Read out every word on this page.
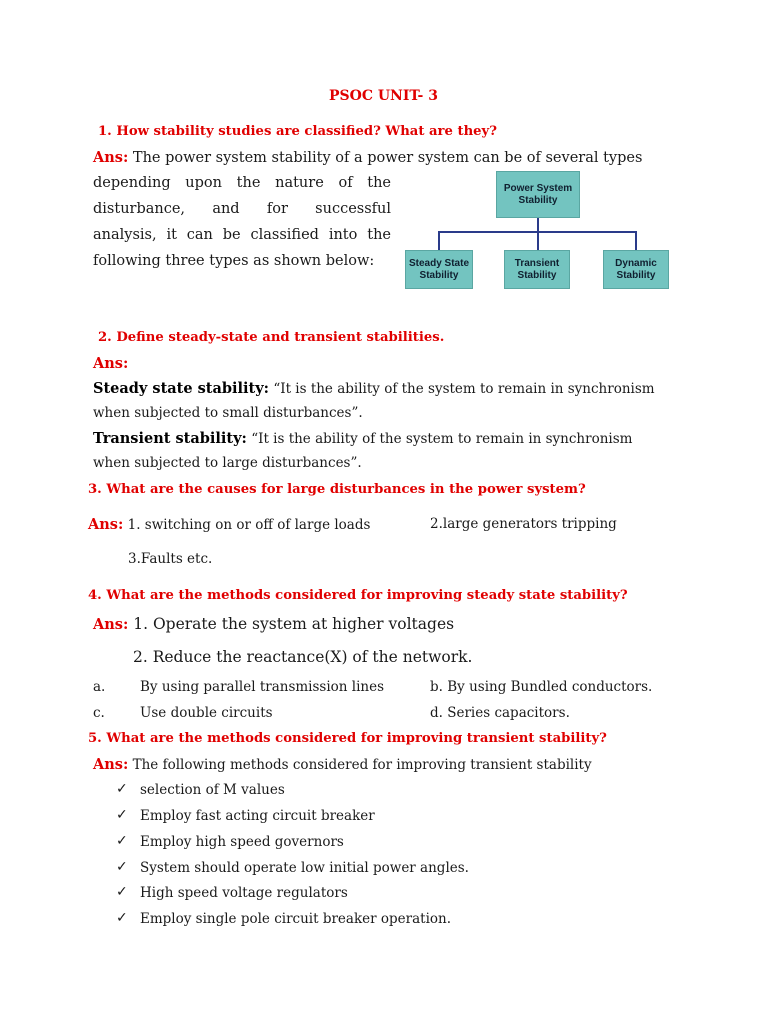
PSOC UNIT- 3
1. How stability studies are classified? What are they?
Ans: The power system stability of a power system can be of several types
depending upon the nature of the
disturbance, and for successful
analysis, it can be classified into the
following three types as shown below:
Power System Stability
Steady State Stability
Transient Stability
Dynamic Stability
2. Define steady-state and transient stabilities.
Ans:
Steady state stability: “It is the ability of the system to remain in synchronism
when subjected to small disturbances”.
Transient stability: “It is the ability of the system to remain in synchronism
when subjected to large disturbances”.
3. What are the causes for large disturbances in the power system?
Ans: 1. switching on or off of large loads	2.large generators tripping
3.Faults etc.
4. What are the methods considered for improving steady state stability?
Ans: 1. Operate the system at higher voltages
2. Reduce the reactance(X) of the network.
a.	By using parallel transmission lines	b. By using Bundled conductors.
c.	Use double circuits	d. Series capacitors.
5. What are the methods considered for improving transient stability?
Ans: The following methods considered for improving transient stability
✓ selection of M values
✓ Employ fast acting circuit breaker
✓ Employ high speed governors
✓ System should operate low initial power angles.
✓ High speed voltage regulators
✓ Employ single pole circuit breaker operation.
